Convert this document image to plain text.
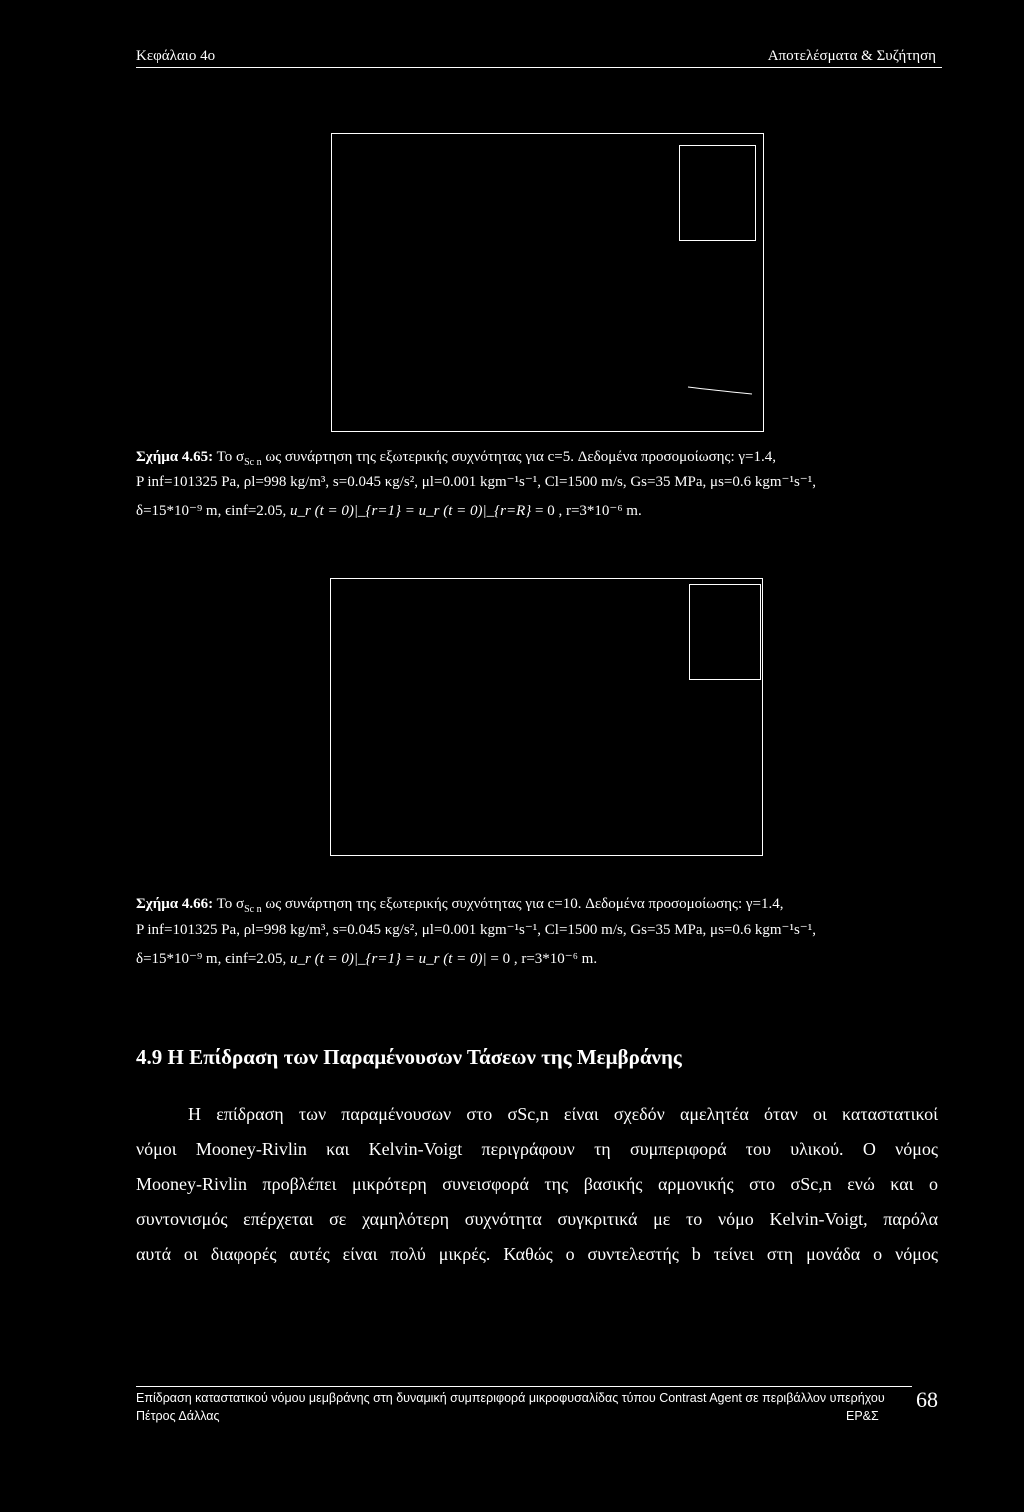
Κεφάλαιο 4ο	Αποτελέσματα & Συζήτηση
Σχήμα 4.65: Το $\sigma_{Sc n}$ ως συνάρτηση της εξωτερικής συχνότητας για c=5. Δεδομένα προσομοίωσης: γ=1.4,
P inf=101325 Pa, ρl=998 kg/m³, s=0.045 κg/s², μl=0.001 kgm⁻¹s⁻¹, Cl=1500 m/s, Gs=35 MPa, μs=0.6 kgm⁻¹s⁻¹,
δ=15*10⁻⁹ m, ϵinf=2.05, u_r (t = 0)|_{r=1} = u_r (t = 0)|_{r=R} = 0 , r=3*10⁻⁶ m.
Σχήμα 4.66: Το $\sigma_{Sc n}$ ως συνάρτηση της εξωτερικής συχνότητας για c=10. Δεδομένα προσομοίωσης: γ=1.4,
P inf=101325 Pa, ρl=998 kg/m³, s=0.045 κg/s², μl=0.001 kgm⁻¹s⁻¹, Cl=1500 m/s, Gs=35 MPa, μs=0.6 kgm⁻¹s⁻¹,
δ=15*10⁻⁹ m, ϵinf=2.05, u_r (t = 0)|_{r=1} = u_r (t = 0)| = 0 , r=3*10⁻⁶ m.
4.9 Η Επίδραση των Παραμένουσων Τάσεων της Μεμβράνης
Η επίδραση των παραμένουσων στο σSc,n είναι σχεδόν αμελητέα όταν οι καταστατικοί
νόμοι Mooney-Rivlin και Kelvin-Voigt περιγράφουν τη συμπεριφορά του υλικού. Ο νόμος
Mooney-Rivlin προβλέπει μικρότερη συνεισφορά της βασικής αρμονικής στο σSc,n ενώ και ο
συντονισμός επέρχεται σε χαμηλότερη συχνότητα συγκριτικά με το νόμο Kelvin-Voigt, παρόλα
αυτά οι διαφορές αυτές είναι πολύ μικρές. Καθώς ο συντελεστής b τείνει στη μονάδα ο νόμος
Επίδραση καταστατικού νόμου μεμβράνης στη δυναμική συμπεριφορά μικροφυσαλίδας τύπου Contrast Agent σε περιβάλλον υπερήχου
Πέτρος Δάλλας	ΕΡ&Σ
68
